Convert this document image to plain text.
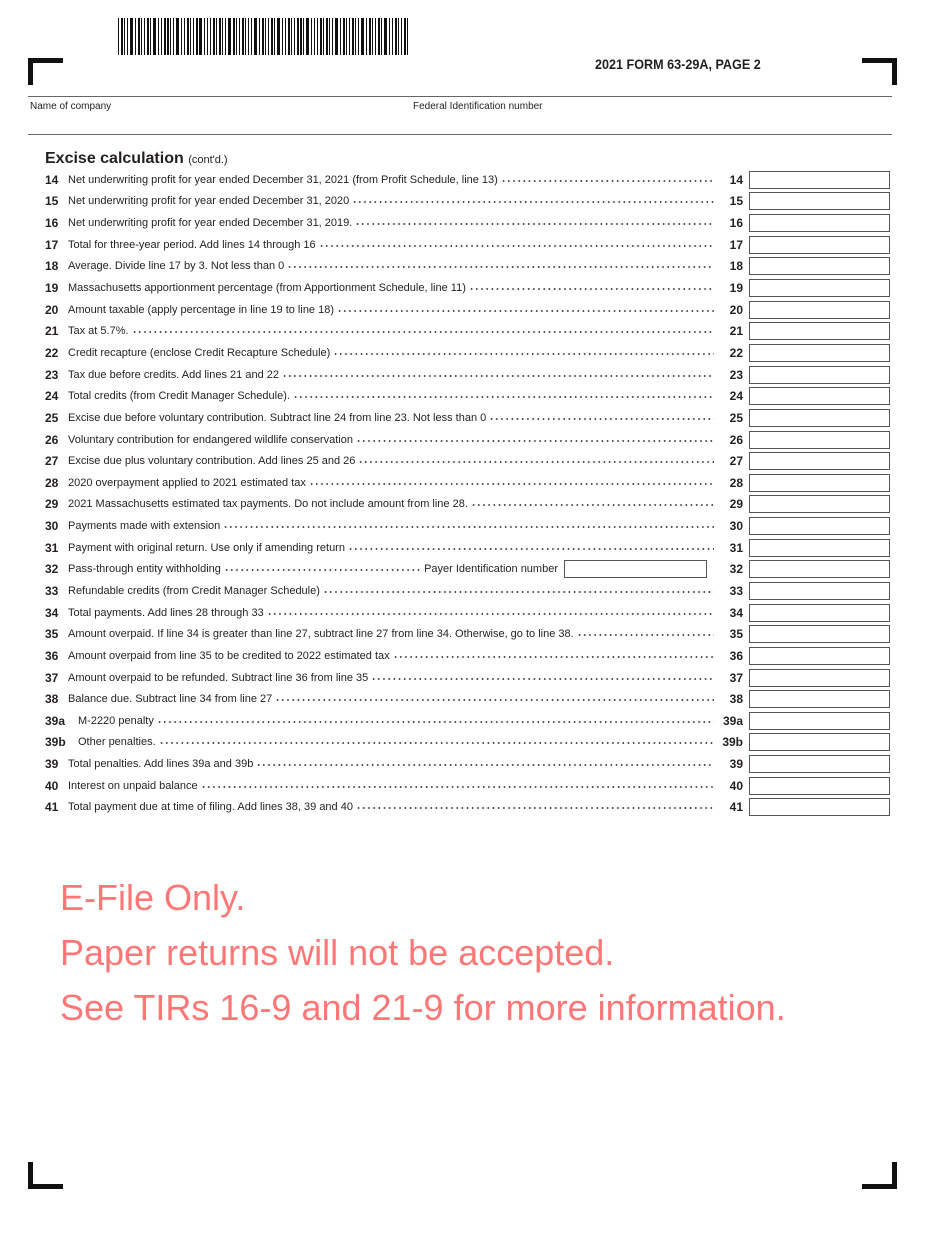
2021 FORM 63-29A, PAGE 2
Name of company	Federal Identification number
Excise calculation (cont'd.)
14 Net underwriting profit for year ended December 31, 2021 (from Profit Schedule, line 13)	14
15 Net underwriting profit for year ended December 31, 2020	15
16 Net underwriting profit for year ended December 31, 2019.	16
17 Total for three-year period. Add lines 14 through 16	17
18 Average. Divide line 17 by 3. Not less than 0	18
19 Massachusetts apportionment percentage (from Apportionment Schedule, line 11)	19
20 Amount taxable (apply percentage in line 19 to line 18)	20
21 Tax at 5.7%.	21
22 Credit recapture (enclose Credit Recapture Schedule)	22
23 Tax due before credits. Add lines 21 and 22	23
24 Total credits (from Credit Manager Schedule).	24
25 Excise due before voluntary contribution. Subtract line 24 from line 23. Not less than 0	25
26 Voluntary contribution for endangered wildlife conservation	26
27 Excise due plus voluntary contribution. Add lines 25 and 26	27
28 2020 overpayment applied to 2021 estimated tax	28
29 2021 Massachusetts estimated tax payments. Do not include amount from line 28.	29
30 Payments made with extension	30
31 Payment with original return. Use only if amending return	31
32 Pass-through entity withholding	Payer Identification number	32
33 Refundable credits (from Credit Manager Schedule)	33
34 Total payments. Add lines 28 through 33	34
35 Amount overpaid. If line 34 is greater than line 27, subtract line 27 from line 34. Otherwise, go to line 38.	35
36 Amount overpaid from line 35 to be credited to 2022 estimated tax	36
37 Amount overpaid to be refunded. Subtract line 36 from line 35	37
38 Balance due. Subtract line 34 from line 27	38
39a	M-2220 penalty	39a
39b	Other penalties.	39b
39 Total penalties. Add lines 39a and 39b	39
40 Interest on unpaid balance	40
41 Total payment due at time of filing. Add lines 38, 39 and 40	41
E-File Only.
Paper returns will not be accepted.
See TIRs 16-9 and 21-9 for more information.
